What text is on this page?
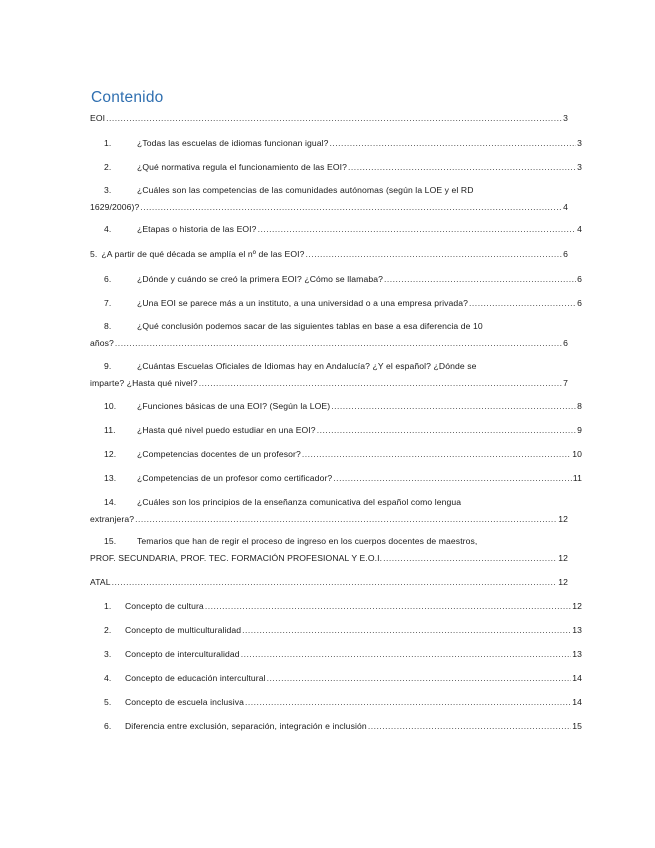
Contenido
EOI .....	3
1.	¿Todas las escuelas de idiomas funcionan igual? .....	3
2.	¿Qué normativa regula el funcionamiento de las EOI? .....	3
3.	¿Cuáles son las competencias de las comunidades autónomas (según la LOE y el RD
1629/2006)? .....	4
4.	¿Etapas o historia de las EOI? .....	4
5. ¿A partir de qué década se amplía el nº de las EOI? .....	6
6.	¿Dónde y cuándo se creó la primera EOI? ¿Cómo se llamaba? .....	6
7.	¿Una EOI se parece más a un instituto, a una universidad o a una empresa privada? .....	6
8.	¿Qué conclusión podemos sacar de las siguientes tablas en base a esa diferencia de 10
años? .....	6
9.	¿Cuántas Escuelas Oficiales de Idiomas hay en Andalucía? ¿Y el español? ¿Dónde se
imparte? ¿Hasta qué nivel? .....	7
10.	¿Funciones básicas de una EOI? (Según la LOE) .....	8
11.	¿Hasta qué nivel puedo estudiar en una EOI? .....	9
12.	¿Competencias docentes de un profesor? .....	10
13.	¿Competencias de un profesor como certificador? .....	11
14. ¿Cuáles son los principios de la enseñanza comunicativa del español como lengua
extranjera? .....	12
15. Temarios que han de regir el proceso de ingreso en los cuerpos docentes de maestros,
PROF. SECUNDARIA, PROF. TEC. FORMACIÓN PROFESIONAL Y E.O.I. .....	12
ATAL .....	12
1.	Concepto de cultura .....	12
2.	Concepto de multiculturalidad .....	13
3.	Concepto de interculturalidad .....	13
4.	Concepto de educación intercultural .....	14
5.	Concepto de escuela inclusiva .....	14
6.	Diferencia entre exclusión, separación, integración e inclusión .....	15
